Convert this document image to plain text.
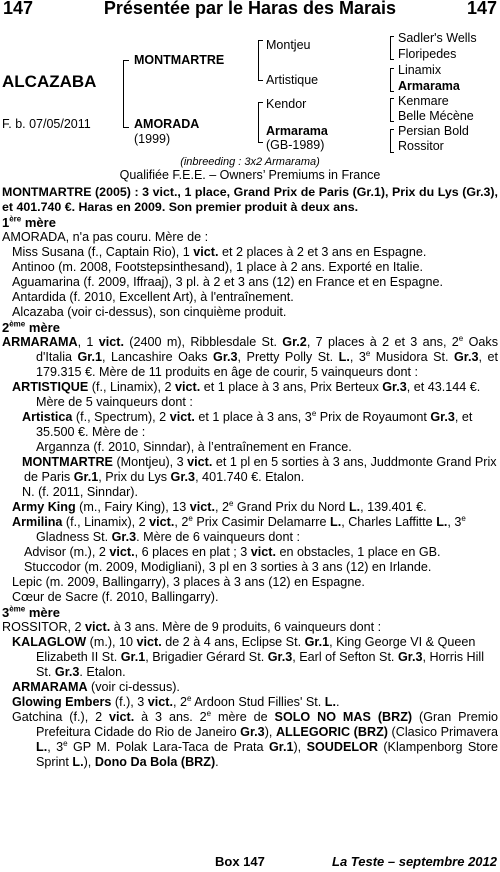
147	Présentée par le Haras des Marais	147
ALCAZABA
F. b. 07/05/2011
MONTMARTRE
AMORADA
(1999)
Montjeu
Artistique
Kendor
Armarama
(GB-1989)
Sadler's Wells
Floripedes
Linamix
Armarama
Kenmare
Belle Mécène
Persian Bold
Rossitor
(inbreeding : 3x2 Armarama)
Qualifiée F.E.E. – Owners’ Premiums in France

MONTMARTRE (2005) : 3 vict., 1 place, Grand Prix de Paris (Gr.1), Prix du Lys (Gr.3), et 401.740 €. Haras en 2009. Son premier produit à deux ans.

1ère mère

AMORADA, n'a pas couru. Mère de :

Miss Susana (f., Captain Rio), 1 vict. et 2 places à 2 et 3 ans en Espagne.

Antinoo (m. 2008, Footstepsinthesand), 1 place à 2 ans. Exporté en Italie.

Aguamarina (f. 2009, Iffraaj), 3 pl. à 2 et 3 ans (12) en France et en Espagne.

Antardida (f. 2010, Excellent Art), à l'entraînement.

Alcazaba (voir ci-dessus), son cinquième produit.

2ème mère

ARMARAMA, 1 vict. (2400 m), Ribblesdale St. Gr.2, 7 places à 2 et 3 ans, 2e Oaks d'Italia Gr.1, Lancashire Oaks Gr.3, Pretty Polly St. L., 3e Musidora St. Gr.3, et 179.315 €. Mère de 11 produits en âge de courir, 5 vainqueurs dont :

ARTISTIQUE (f., Linamix), 2 vict. et 1 place à 3 ans, Prix Berteux Gr.3, et 43.144 €. Mère de 5 vainqueurs dont :

Artistica (f., Spectrum), 2 vict. et 1 place à 3 ans, 3e Prix de Royaumont Gr.3, et 35.500 €. Mère de :

Argannza (f. 2010, Sinndar), à l’entraînement en France.

MONTMARTRE (Montjeu), 3 vict. et 1 pl en 5 sorties à 3 ans, Juddmonte Grand Prix de Paris Gr.1, Prix du Lys Gr.3, 401.740 €. Etalon.

N. (f. 2011, Sinndar).

Army King (m., Fairy King), 13 vict., 2e Grand Prix du Nord L., 139.401 €.

Armilina (f., Linamix), 2 vict., 2e Prix Casimir Delamarre L., Charles Laffitte L., 3e Gladness St. Gr.3. Mère de 6 vainqueurs dont :

Advisor (m.), 2 vict., 6 places en plat ; 3 vict. en obstacles, 1 place en GB.

Stuccodor (m. 2009, Modigliani), 3 pl en 3 sorties à 3 ans (12) en Irlande.

Lepic (m. 2009, Ballingarry), 3 places à 3 ans (12) en Espagne.

Cœur de Sacre (f. 2010, Ballingarry).

3ème mère

ROSSITOR, 2 vict. à 3 ans. Mère de 9 produits, 6 vainqueurs dont :

KALAGLOW (m.), 10 vict. de 2 à 4 ans, Eclipse St. Gr.1, King George VI & Queen Elizabeth II St. Gr.1, Brigadier Gérard St. Gr.3, Earl of Sefton St. Gr.3, Horris Hill St. Gr.3. Etalon.

ARMARAMA (voir ci-dessus).

Glowing Embers (f.), 3 vict., 2e Ardoon Stud Fillies' St. L..

Gatchina (f.), 2 vict. à 3 ans. 2e mère de SOLO NO MAS (BRZ) (Gran Premio Prefeitura Cidade do Rio de Janeiro Gr.3), ALLEGORIC (BRZ) (Clasico Primavera L., 3e GP M. Polak Lara-Taca de Prata Gr.1), SOUDELOR (Klampenborg Store Sprint L.), Dono Da Bola (BRZ).

Box 147	La Teste – septembre 2012
